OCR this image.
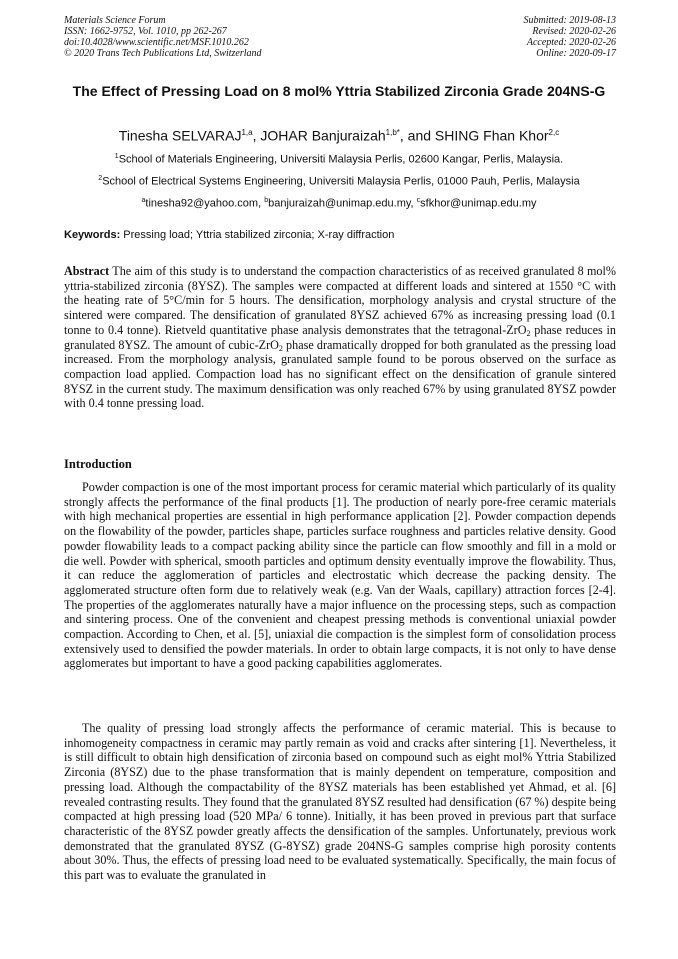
Materials Science Forum
ISSN: 1662-9752, Vol. 1010, pp 262-267
doi:10.4028/www.scientific.net/MSF.1010.262
© 2020 Trans Tech Publications Ltd, Switzerland
Submitted: 2019-08-13
Revised: 2020-02-26
Accepted: 2020-02-26
Online: 2020-09-17
The Effect of Pressing Load on 8 mol% Yttria Stabilized Zirconia Grade 204NS-G
Tinesha SELVARAJ$^{1,a}$, JOHAR Banjuraizah$^{1,b*}$, and SHING Fhan Khor$^{2,c}$
$^1$School of Materials Engineering, Universiti Malaysia Perlis, 02600 Kangar, Perlis, Malaysia.
$^2$School of Electrical Systems Engineering, Universiti Malaysia Perlis, 01000 Pauh, Perlis, Malaysia
$^a$tinesha92@yahoo.com, $^b$banjuraizah@unimap.edu.my, $^c$sfkhor@unimap.edu.my
Keywords: Pressing load; Yttria stabilized zirconia; X-ray diffraction
Abstract The aim of this study is to understand the compaction characteristics of as received granulated 8 mol% yttria-stabilized zirconia (8YSZ). The samples were compacted at different loads and sintered at 1550 °C with the heating rate of 5°C/min for 5 hours. The densification, morphology analysis and crystal structure of the sintered were compared. The densification of granulated 8YSZ achieved 67% as increasing pressing load (0.1 tonne to 0.4 tonne). Rietveld quantitative phase analysis demonstrates that the tetragonal-ZrO$_2$ phase reduces in granulated 8YSZ. The amount of cubic-ZrO$_2$ phase dramatically dropped for both granulated as the pressing load increased. From the morphology analysis, granulated sample found to be porous observed on the surface as compaction load applied. Compaction load has no significant effect on the densification of granule sintered 8YSZ in the current study. The maximum densification was only reached 67% by using granulated 8YSZ powder with 0.4 tonne pressing load.
Introduction
Powder compaction is one of the most important process for ceramic material which particularly of its quality strongly affects the performance of the final products [1]. The production of nearly pore-free ceramic materials with high mechanical properties are essential in high performance application [2]. Powder compaction depends on the flowability of the powder, particles shape, particles surface roughness and particles relative density. Good powder flowability leads to a compact packing ability since the particle can flow smoothly and fill in a mold or die well. Powder with spherical, smooth particles and optimum density eventually improve the flowability. Thus, it can reduce the agglomeration of particles and electrostatic which decrease the packing density. The agglomerated structure often form due to relatively weak (e.g. Van der Waals, capillary) attraction forces [2-4]. The properties of the agglomerates naturally have a major influence on the processing steps, such as compaction and sintering process. One of the convenient and cheapest pressing methods is conventional uniaxial powder compaction. According to Chen, et al. [5], uniaxial die compaction is the simplest form of consolidation process extensively used to densified the powder materials. In order to obtain large compacts, it is not only to have dense agglomerates but important to have a good packing capabilities agglomerates.
The quality of pressing load strongly affects the performance of ceramic material. This is because to inhomogeneity compactness in ceramic may partly remain as void and cracks after sintering [1]. Nevertheless, it is still difficult to obtain high densification of zirconia based on compound such as eight mol% Yttria Stabilized Zirconia (8YSZ) due to the phase transformation that is mainly dependent on temperature, composition and pressing load. Although the compactability of the 8YSZ materials has been established yet Ahmad, et al. [6] revealed contrasting results. They found that the granulated 8YSZ resulted had densification (67 %) despite being compacted at high pressing load (520 MPa/ 6 tonne). Initially, it has been proved in previous part that surface characteristic of the 8YSZ powder greatly affects the densification of the samples. Unfortunately, previous work demonstrated that the granulated 8YSZ (G-8YSZ) grade 204NS-G samples comprise high porosity contents about 30%. Thus, the effects of pressing load need to be evaluated systematically. Specifically, the main focus of this part was to evaluate the granulated in
